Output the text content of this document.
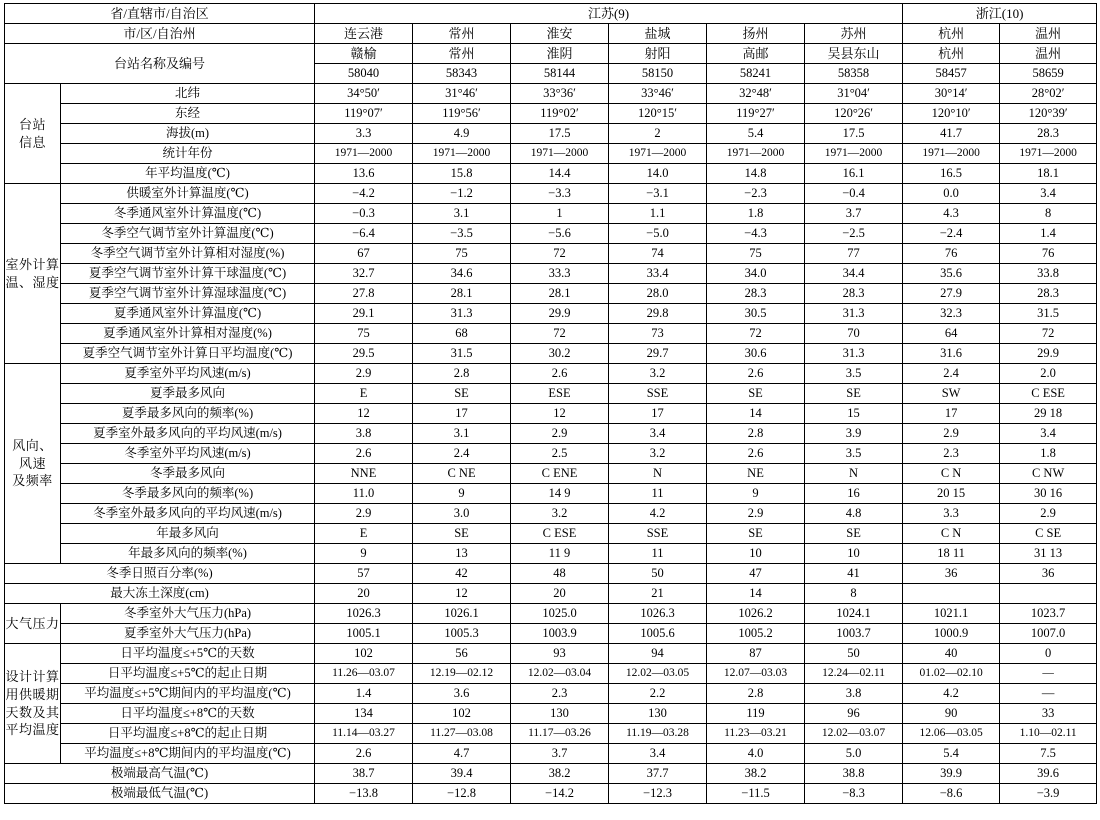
省/直辖市/自治区		江苏(9)						浙江(10)	
市/区/自治州		连云港	常州	淮安	盐城	扬州	苏州	杭州	温州
台站名称及编号		赣榆	常州	淮阴	射阳	高邮	吴县东山	杭州	温州
		58040	58343	58144	58150	58241	58358	58457	58659
台站
信息	北纬	34°50′	31°46′	33°36′	33°46′	32°48′	31°04′	30°14′	28°02′
	东经	119°07′	119°56′	119°02′	120°15′	119°27′	120°26′	120°10′	120°39′
	海拔(m)	3.3	4.9	17.5	2	5.4	17.5	41.7	28.3
	统计年份	1971—2000	1971—2000	1971—2000	1971—2000	1971—2000	1971—2000	1971—2000	1971—2000
	年平均温度(℃)	13.6	15.8	14.4	14.0	14.8	16.1	16.5	18.1
室外计算
温、湿度	供暖室外计算温度(℃)	−4.2	−1.2	−3.3	−3.1	−2.3	−0.4	0.0	3.4
	冬季通风室外计算温度(℃)	−0.3	3.1	1	1.1	1.8	3.7	4.3	8
	冬季空气调节室外计算温度(℃)	−6.4	−3.5	−5.6	−5.0	−4.3	−2.5	−2.4	1.4
	冬季空气调节室外计算相对湿度(%)	67	75	72	74	75	77	76	76
	夏季空气调节室外计算干球温度(℃)	32.7	34.6	33.3	33.4	34.0	34.4	35.6	33.8
	夏季空气调节室外计算湿球温度(℃)	27.8	28.1	28.1	28.0	28.3	28.3	27.9	28.3
	夏季通风室外计算温度(℃)	29.1	31.3	29.9	29.8	30.5	31.3	32.3	31.5
	夏季通风室外计算相对湿度(%)	75	68	72	73	72	70	64	72
	夏季空气调节室外计算日平均温度(℃)	29.5	31.5	30.2	29.7	30.6	31.3	31.6	29.9
风向、
风速
及频率	夏季室外平均风速(m/s)	2.9	2.8	2.6	3.2	2.6	3.5	2.4	2.0
	夏季最多风向	E	SE	ESE	SSE	SE	SE	SW	C ESE
	夏季最多风向的频率(%)	12	17	12	17	14	15	17	29 18
	夏季室外最多风向的平均风速(m/s)	3.8	3.1	2.9	3.4	2.8	3.9	2.9	3.4
	冬季室外平均风速(m/s)	2.6	2.4	2.5	3.2	2.6	3.5	2.3	1.8
	冬季最多风向	NNE	C NE	C ENE	N	NE	N	C N	C NW
	冬季最多风向的频率(%)	11.0	9	14 9	11	9	16	20 15	30 16
	冬季室外最多风向的平均风速(m/s)	2.9	3.0	3.2	4.2	2.9	4.8	3.3	2.9
	年最多风向	E	SE	C ESE	SSE	SE	SE	C N	C SE
	年最多风向的频率(%)	9	13	11 9	11	10	10	18 11	31 13
冬季日照百分率(%)		57	42	48	50	47	41	36	36
最大冻土深度(cm)		20	12	20	21	14	8		
大气压力	冬季室外大气压力(hPa)	1026.3	1026.1	1025.0	1026.3	1026.2	1024.1	1021.1	1023.7
	夏季室外大气压力(hPa)	1005.1	1005.3	1003.9	1005.6	1005.2	1003.7	1000.9	1007.0
设计计算
用供暖期
天数及其
平均温度	日平均温度≤+5℃的天数	102	56	93	94	87	50	40	0
	日平均温度≤+5℃的起止日期	11.26—03.07	12.19—02.12	12.02—03.04	12.02—03.05	12.07—03.03	12.24—02.11	01.02—02.10	—
	平均温度≤+5℃期间内的平均温度(℃)	1.4	3.6	2.3	2.2	2.8	3.8	4.2	—
	日平均温度≤+8℃的天数	134	102	130	130	119	96	90	33
	日平均温度≤+8℃的起止日期	11.14—03.27	11.27—03.08	11.17—03.26	11.19—03.28	11.23—03.21	12.02—03.07	12.06—03.05	1.10—02.11
	平均温度≤+8℃期间内的平均温度(℃)	2.6	4.7	3.7	3.4	4.0	5.0	5.4	7.5
极端最高气温(℃)		38.7	39.4	38.2	37.7	38.2	38.8	39.9	39.6
极端最低气温(℃)		−13.8	−12.8	−14.2	−12.3	−11.5	−8.3	−8.6	−3.9
